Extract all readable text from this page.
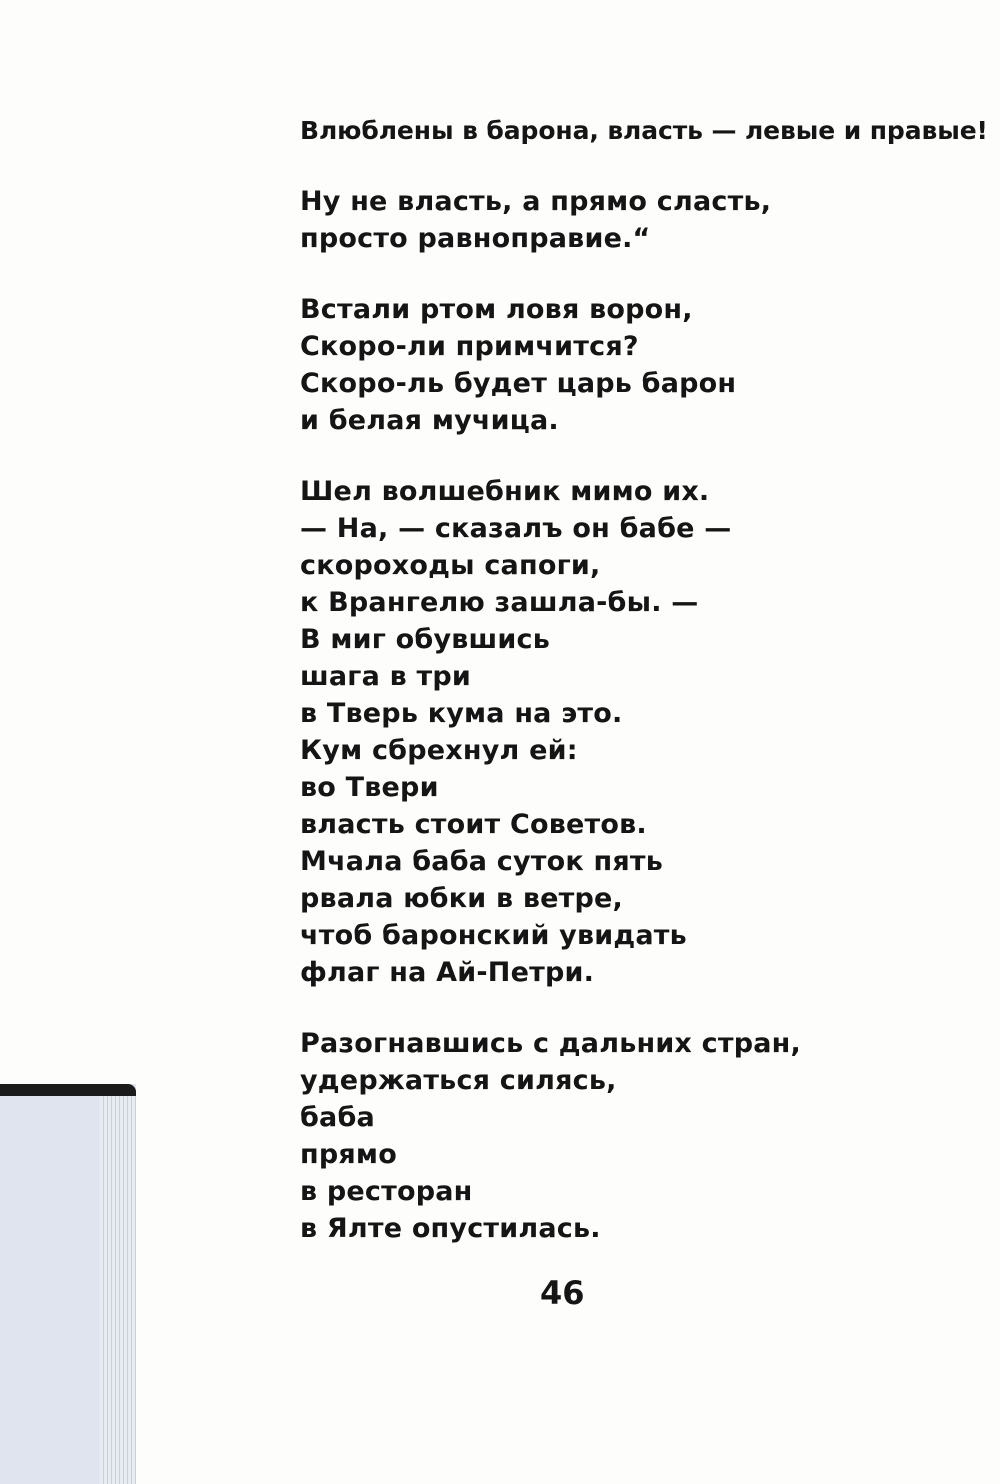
Влюблены в барона, власть — левые и правые!
Ну не власть, а прямо сласть,
просто равноправие.“
Встали ртом ловя ворон,
Скоро-ли примчится?
Скоро-ль будет царь барон
и белая мучица.
Шел волшебник мимо их.
— На, — сказалъ он бабе —
скороходы сапоги,
к Врангелю зашла-бы. —
В миг обувшись
шага в три
в Тверь кума на это.
Кум сбрехнул ей:
во Твери
власть стоит Советов.
Мчала баба суток пять
рвала юбки в ветре,
чтоб баронский увидать
флаг на Ай-Петри.
Разогнавшись с дальних стран,
удержаться силясь,
баба
прямо
в ресторан
в Ялте опустилась.
46
